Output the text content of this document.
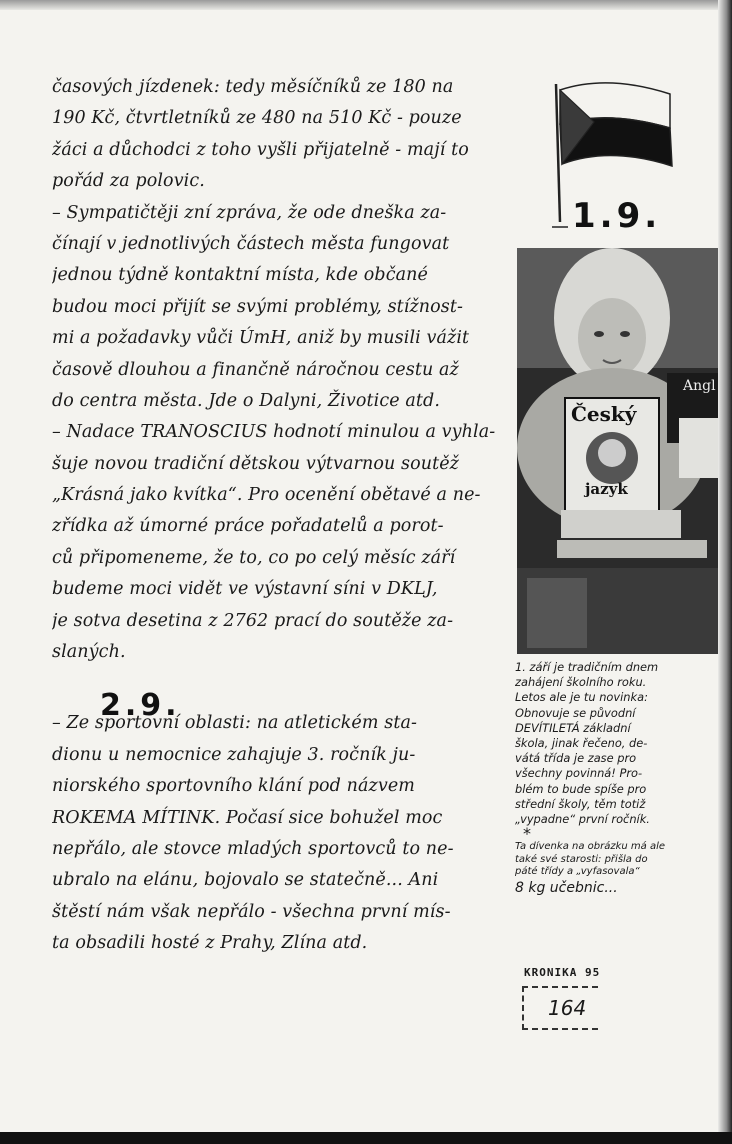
časových jízdenek: tedy měsíčníků ze 180 na
190 Kč, čtvrtletníků ze 480 na 510 Kč - pouze
žáci a důchodci z toho vyšli přijatelně - mají to
pořád za polovic.
– Sympatičtěji zní zpráva, že ode dneška za-
čínají v jednotlivých částech města fungovat
jednou týdně kontaktní místa, kde občané
budou moci přijít se svými problémy, stížnost-
mi a požadavky vůči ÚmH, aniž by musili vážit
časově dlouhou a finančně náročnou cestu až
do centra města. Jde o Dalyni, Životice atd.
– Nadace TRANOSCIUS hodnotí minulou a vyhla-
šuje novou tradiční dětskou výtvarnou soutěž
„Krásná jako kvítka“. Pro ocenění obětavé a ne-
zřídka až úmorné práce pořadatelů a porot-
ců připomeneme, že to, co po celý měsíc září
budeme moci vidět ve výstavní síni v DKLJ,
je sotva desetina z 2762 prací do soutěže za-
slaných.
– Ze sportovní oblasti: na atletickém sta-
dionu u nemocnice zahajuje 3. ročník ju-
niorského sportovního klání pod názvem
ROKEMA MÍTINK. Počasí sice bohužel moc
nepřálo, ale stovce mladých sportovců to ne-
ubralo na elánu, bojovalo se statečně... Ani
štěstí nám však nepřálo - všechna první mís-
ta obsadili hosté z Prahy, Zlína atd.
2.9.
1.9.
Český
jazyk
Angl
1. září je tradičním dnem
zahájení školního roku.
Letos ale je tu novinka:
Obnovuje se původní
DEVÍTILETÁ základní
škola, jinak řečeno, de-
vátá třída je zase pro
všechny povinná! Pro-
blém to bude spíše pro
střední školy, těm totiž
„vypadne“ první ročník.
*
Ta dívenka na obrázku má ale
také své starosti: přišla do
páté třídy a „vyfasovala“
8 kg učebnic...
KRONIKA 95
164
